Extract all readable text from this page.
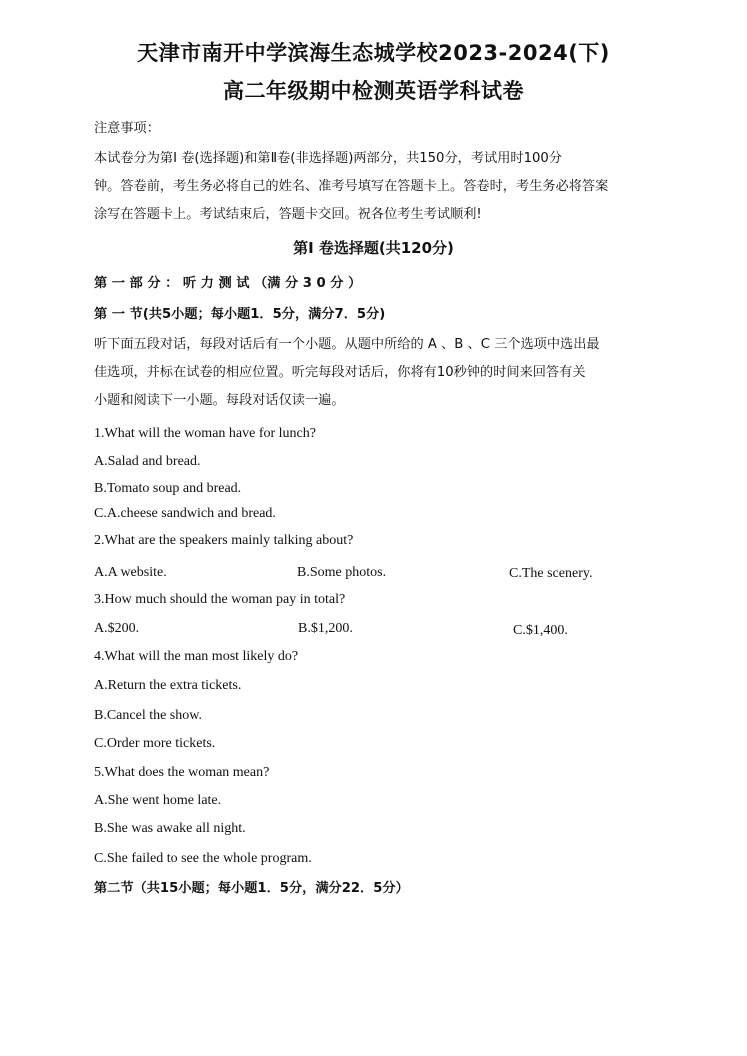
天津市南开中学滨海生态城学校2023-2024(下)
高二年级期中检测英语学科试卷
注意事项：
本试卷分为第Ⅰ 卷(选择题)和第Ⅱ卷(非选择题)两部分，共150分，考试用时100分
钟。答卷前，考生务必将自己的姓名、准考号填写在答题卡上。答卷时，考生务必将答案
涂写在答题卡上。考试结束后，答题卡交回。祝各位考生考试顺利!
第Ⅰ 卷选择题(共120分)
第 一 部 分 ： 听 力 测 试 （满 分 3 0 分 ）
第 一 节(共5小题；每小题1．5分，满分7．5分)
听下面五段对话，每段对话后有一个小题。从题中所给的 A 、B 、C 三个选项中选出最
佳选项，并标在试卷的相应位置。听完每段对话后，你将有10秒钟的时间来回答有关
小题和阅读下一小题。每段对话仅读一遍。
1.What will the woman have for lunch?
A.Salad and bread.
B.Tomato soup and bread.
C.A.cheese sandwich and bread.
2.What are the speakers mainly talking about?
A.A website.	B.Some photos.	C.The scenery.
3.How much should the woman pay in total?
A.$200.	B.$1,200.	C.$1,400.
4.What will the man most likely do?
A.Return the extra tickets.
B.Cancel the show.
C.Order more tickets.
5.What does the woman mean?
A.She went home late.
B.She was awake all night.
C.She failed to see the whole program.
第二节（共15小题；每小题1．5分，满分22．5分）
